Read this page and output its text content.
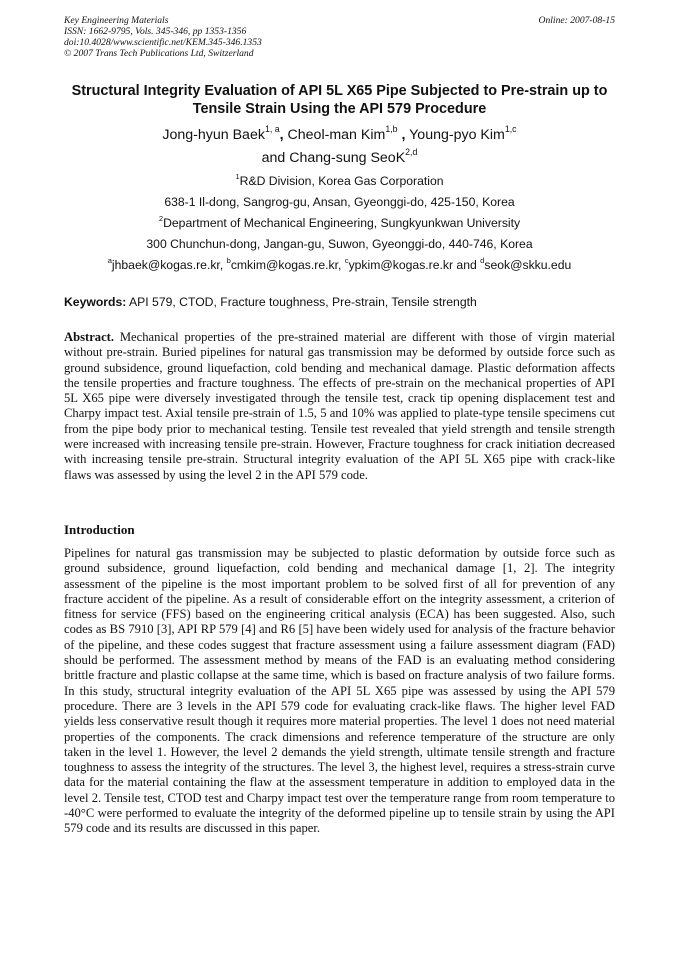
Key Engineering Materials
ISSN: 1662-9795, Vols. 345-346, pp 1353-1356
doi:10.4028/www.scientific.net/KEM.345-346.1353
© 2007 Trans Tech Publications Ltd, Switzerland
Online: 2007-08-15
Structural Integrity Evaluation of API 5L X65 Pipe Subjected to Pre-strain up to Tensile Strain Using the API 579 Procedure
Jong-hyun Baek$^{1, a}$, Cheol-man Kim$^{1,b}$ , Young-pyo Kim$^{1,c}$
and Chang-sung SeoK$^{2,d}$
$^1$R&D Division, Korea Gas Corporation
638-1 Il-dong, Sangrog-gu, Ansan, Gyeonggi-do, 425-150, Korea
$^2$Department of Mechanical Engineering, Sungkyunkwan University
300 Chunchun-dong, Jangan-gu, Suwon, Gyeonggi-do, 440-746, Korea
$^a$jhbaek@kogas.re.kr, $^b$cmkim@kogas.re.kr, $^c$ypkim@kogas.re.kr and $^d$seok@skku.edu
Keywords: API 579, CTOD, Fracture toughness, Pre-strain, Tensile strength
Abstract. Mechanical properties of the pre-strained material are different with those of virgin material without pre-strain. Buried pipelines for natural gas transmission may be deformed by outside force such as ground subsidence, ground liquefaction, cold bending and mechanical damage. Plastic deformation affects the tensile properties and fracture toughness. The effects of pre-strain on the mechanical properties of API 5L X65 pipe were diversely investigated through the tensile test, crack tip opening displacement test and Charpy impact test. Axial tensile pre-strain of 1.5, 5 and 10% was applied to plate-type tensile specimens cut from the pipe body prior to mechanical testing. Tensile test revealed that yield strength and tensile strength were increased with increasing tensile pre-strain. However, Fracture toughness for crack initiation decreased with increasing tensile pre-strain. Structural integrity evaluation of the API 5L X65 pipe with crack-like flaws was assessed by using the level 2 in the API 579 code.
Introduction
Pipelines for natural gas transmission may be subjected to plastic deformation by outside force such as ground subsidence, ground liquefaction, cold bending and mechanical damage [1, 2]. The integrity assessment of the pipeline is the most important problem to be solved first of all for prevention of any fracture accident of the pipeline. As a result of considerable effort on the integrity assessment, a criterion of fitness for service (FFS) based on the engineering critical analysis (ECA) has been suggested. Also, such codes as BS 7910 [3], API RP 579 [4] and R6 [5] have been widely used for analysis of the fracture behavior of the pipeline, and these codes suggest that fracture assessment using a failure assessment diagram (FAD) should be performed. The assessment method by means of the FAD is an evaluating method considering brittle fracture and plastic collapse at the same time, which is based on fracture analysis of two failure forms. In this study, structural integrity evaluation of the API 5L X65 pipe was assessed by using the API 579 procedure. There are 3 levels in the API 579 code for evaluating crack-like flaws. The higher level FAD yields less conservative result though it requires more material properties. The level 1 does not need material properties of the components. The crack dimensions and reference temperature of the structure are only taken in the level 1. However, the level 2 demands the yield strength, ultimate tensile strength and fracture toughness to assess the integrity of the structures. The level 3, the highest level, requires a stress-strain curve data for the material containing the flaw at the assessment temperature in addition to employed data in the level 2. Tensile test, CTOD test and Charpy impact test over the temperature range from room temperature to -40°C were performed to evaluate the integrity of the deformed pipeline up to tensile strain by using the API 579 code and its results are discussed in this paper.
